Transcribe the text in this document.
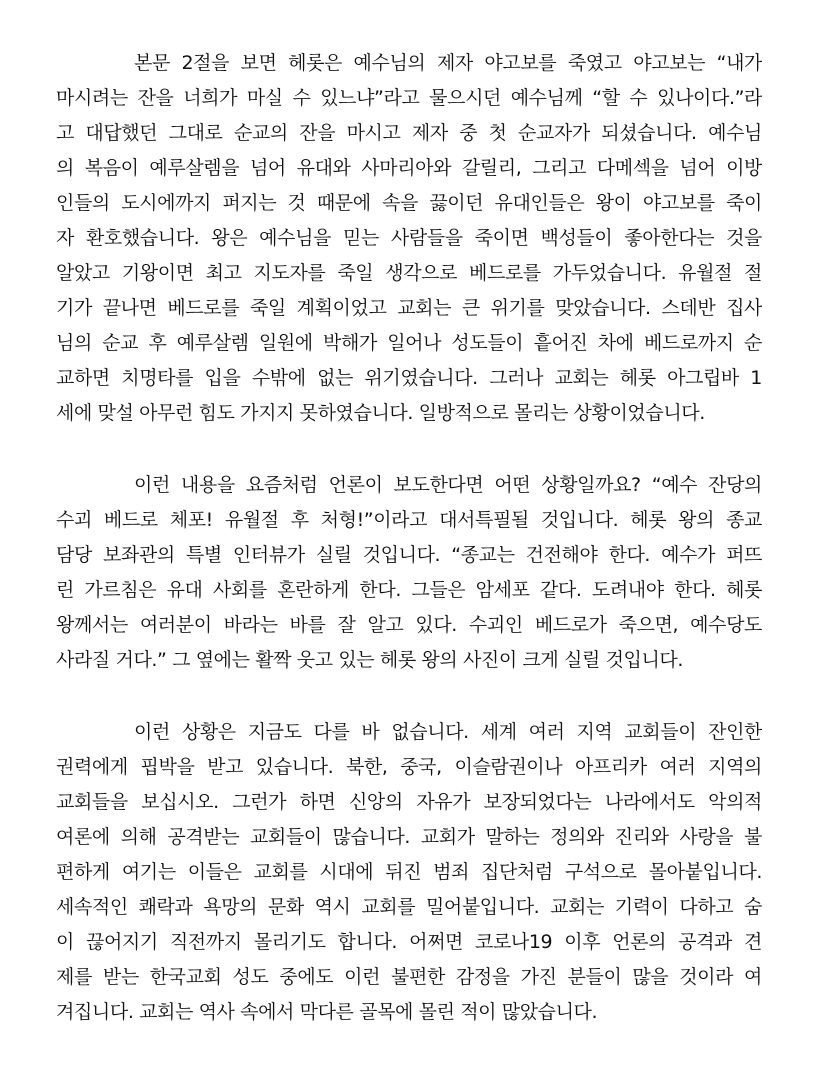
본문 2절을 보면 헤롯은 예수님의 제자 야고보를 죽였고 야고보는 “내가
마시려는 잔을 너희가 마실 수 있느냐”라고 물으시던 예수님께 “할 수 있나이다.”라
고 대답했던 그대로 순교의 잔을 마시고 제자 중 첫 순교자가 되셨습니다. 예수님
의 복음이 예루살렘을 넘어 유대와 사마리아와 갈릴리, 그리고 다메섹을 넘어 이방
인들의 도시에까지 퍼지는 것 때문에 속을 끓이던 유대인들은 왕이 야고보를 죽이
자 환호했습니다. 왕은 예수님을 믿는 사람들을 죽이면 백성들이 좋아한다는 것을
알았고 기왕이면 최고 지도자를 죽일 생각으로 베드로를 가두었습니다. 유월절 절
기가 끝나면 베드로를 죽일 계획이었고 교회는 큰 위기를 맞았습니다. 스데반 집사
님의 순교 후 예루살렘 일원에 박해가 일어나 성도들이 흩어진 차에 베드로까지 순
교하면 치명타를 입을 수밖에 없는 위기였습니다. 그러나 교회는 헤롯 아그립바 1
세에 맞설 아무런 힘도 가지지 못하였습니다. 일방적으로 몰리는 상황이었습니다.
이런 내용을 요즘처럼 언론이 보도한다면 어떤 상황일까요? “예수 잔당의
수괴 베드로 체포! 유월절 후 처형!”이라고 대서특필될 것입니다. 헤롯 왕의 종교
담당 보좌관의 특별 인터뷰가 실릴 것입니다. “종교는 건전해야 한다. 예수가 퍼뜨
린 가르침은 유대 사회를 혼란하게 한다. 그들은 암세포 같다. 도려내야 한다. 헤롯
왕께서는 여러분이 바라는 바를 잘 알고 있다. 수괴인 베드로가 죽으면, 예수당도
사라질 거다.” 그 옆에는 활짝 웃고 있는 헤롯 왕의 사진이 크게 실릴 것입니다.
이런 상황은 지금도 다를 바 없습니다. 세계 여러 지역 교회들이 잔인한
권력에게 핍박을 받고 있습니다. 북한, 중국, 이슬람권이나 아프리카 여러 지역의
교회들을 보십시오. 그런가 하면 신앙의 자유가 보장되었다는 나라에서도 악의적
여론에 의해 공격받는 교회들이 많습니다. 교회가 말하는 정의와 진리와 사랑을 불
편하게 여기는 이들은 교회를 시대에 뒤진 범죄 집단처럼 구석으로 몰아붙입니다.
세속적인 쾌락과 욕망의 문화 역시 교회를 밀어붙입니다. 교회는 기력이 다하고 숨
이 끊어지기 직전까지 몰리기도 합니다. 어쩌면 코로나19 이후 언론의 공격과 견
제를 받는 한국교회 성도 중에도 이런 불편한 감정을 가진 분들이 많을 것이라 여
겨집니다. 교회는 역사 속에서 막다른 골목에 몰린 적이 많았습니다.
